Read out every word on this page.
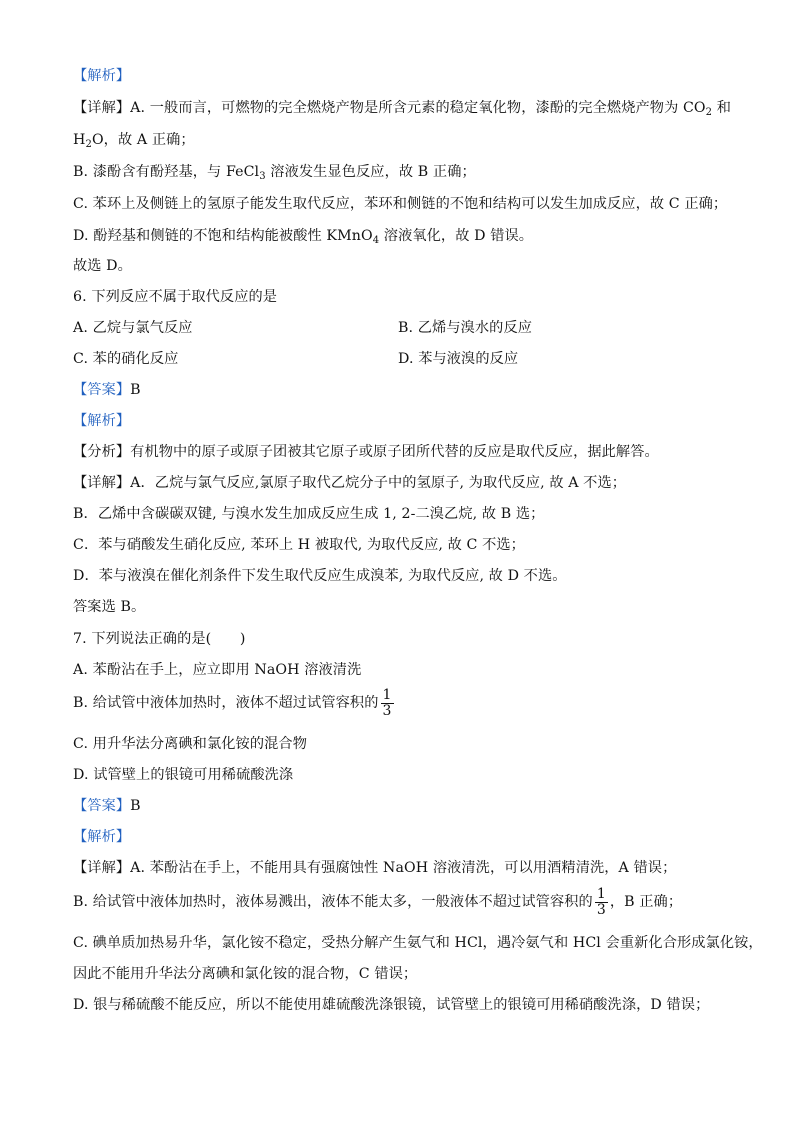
【解析】
【详解】A. 一般而言，可燃物的完全燃烧产物是所含元素的稳定氧化物，漆酚的完全燃烧产物为 $CO_2$ 和
$H_2O$，故 A 正确；
B. 漆酚含有酚羟基，与 FeCl$_3$ 溶液发生显色反应，故 B 正确；
C. 苯环上及侧链上的氢原子能发生取代反应，苯环和侧链的不饱和结构可以发生加成反应，故 C 正确；
D. 酚羟基和侧链的不饱和结构能被酸性 KMnO$_4$ 溶液氧化，故 D 错误。
故选 D。
6. 下列反应不属于取代反应的是
A. 乙烷与氯气反应	B. 乙烯与溴水的反应
C. 苯的硝化反应	D. 苯与液溴的反应
【答案】B
【解析】
【分析】有机物中的原子或原子团被其它原子或原子团所代替的反应是取代反应，据此解答。
【详解】A．乙烷与氯气反应,氯原子取代乙烷分子中的氢原子, 为取代反应, 故 A 不选；
B．乙烯中含碳碳双键, 与溴水发生加成反应生成 1, 2-二溴乙烷, 故 B 选；
C．苯与硝酸发生硝化反应, 苯环上 H 被取代, 为取代反应, 故 C 不选；
D．苯与液溴在催化剂条件下发生取代反应生成溴苯, 为取代反应, 故 D 不选。
答案选 B。
7. 下列说法正确的是(　　)
A. 苯酚沾在手上，应立即用 NaOH 溶液清洗
B. 给试管中液体加热时，液体不超过试管容积的 $\frac{1}{3}$
C. 用升华法分离碘和氯化铵的混合物
D. 试管壁上的银镜可用稀硫酸洗涤
【答案】B
【解析】
【详解】A. 苯酚沾在手上，不能用具有强腐蚀性 NaOH 溶液清洗，可以用酒精清洗，A 错误；
B. 给试管中液体加热时，液体易溅出，液体不能太多，一般液体不超过试管容积的 $\frac{1}{3}$ ，B 正确；
C. 碘单质加热易升华，氯化铵不稳定，受热分解产生氨气和 HCl，遇冷氨气和 HCl 会重新化合形成氯化铵，
因此不能用升华法分离碘和氯化铵的混合物，C 错误；
D. 银与稀硫酸不能反应，所以不能使用雄硫酸洗涤银镜，试管壁上的银镜可用稀硝酸洗涤，D 错误；
